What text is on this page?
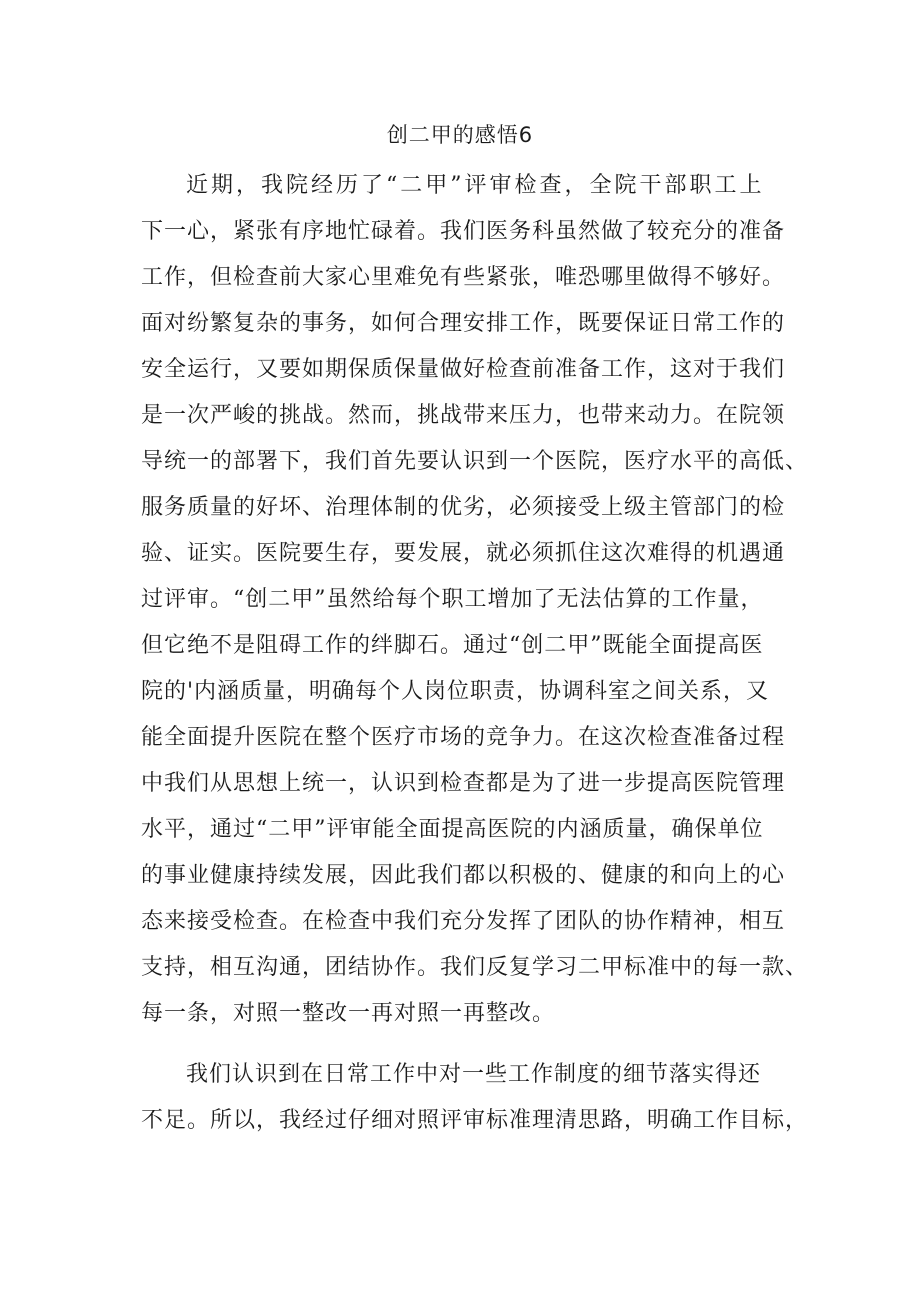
创二甲的感悟6
近期，我院经历了“二甲”评审检查，全院干部职工上
下一心，紧张有序地忙碌着。我们医务科虽然做了较充分的准备
工作，但检查前大家心里难免有些紧张，唯恐哪里做得不够好。
面对纷繁复杂的事务，如何合理安排工作，既要保证日常工作的
安全运行，又要如期保质保量做好检查前准备工作，这对于我们
是一次严峻的挑战。然而，挑战带来压力，也带来动力。在院领
导统一的部署下，我们首先要认识到一个医院，医疗水平的高低、
服务质量的好坏、治理体制的优劣，必须接受上级主管部门的检
验、证实。医院要生存，要发展，就必须抓住这次难得的机遇通
过评审。“创二甲”虽然给每个职工增加了无法估算的工作量，
但它绝不是阻碍工作的绊脚石。通过“创二甲”既能全面提高医
院的'内涵质量，明确每个人岗位职责，协调科室之间关系，又
能全面提升医院在整个医疗市场的竞争力。在这次检查准备过程
中我们从思想上统一，认识到检查都是为了进一步提高医院管理
水平，通过“二甲”评审能全面提高医院的内涵质量，确保单位
的事业健康持续发展，因此我们都以积极的、健康的和向上的心
态来接受检查。在检查中我们充分发挥了团队的协作精神，相互
支持，相互沟通，团结协作。我们反复学习二甲标准中的每一款、
每一条，对照一整改一再对照一再整改。
我们认识到在日常工作中对一些工作制度的细节落实得还
不足。所以，我经过仔细对照评审标准理清思路，明确工作目标，
